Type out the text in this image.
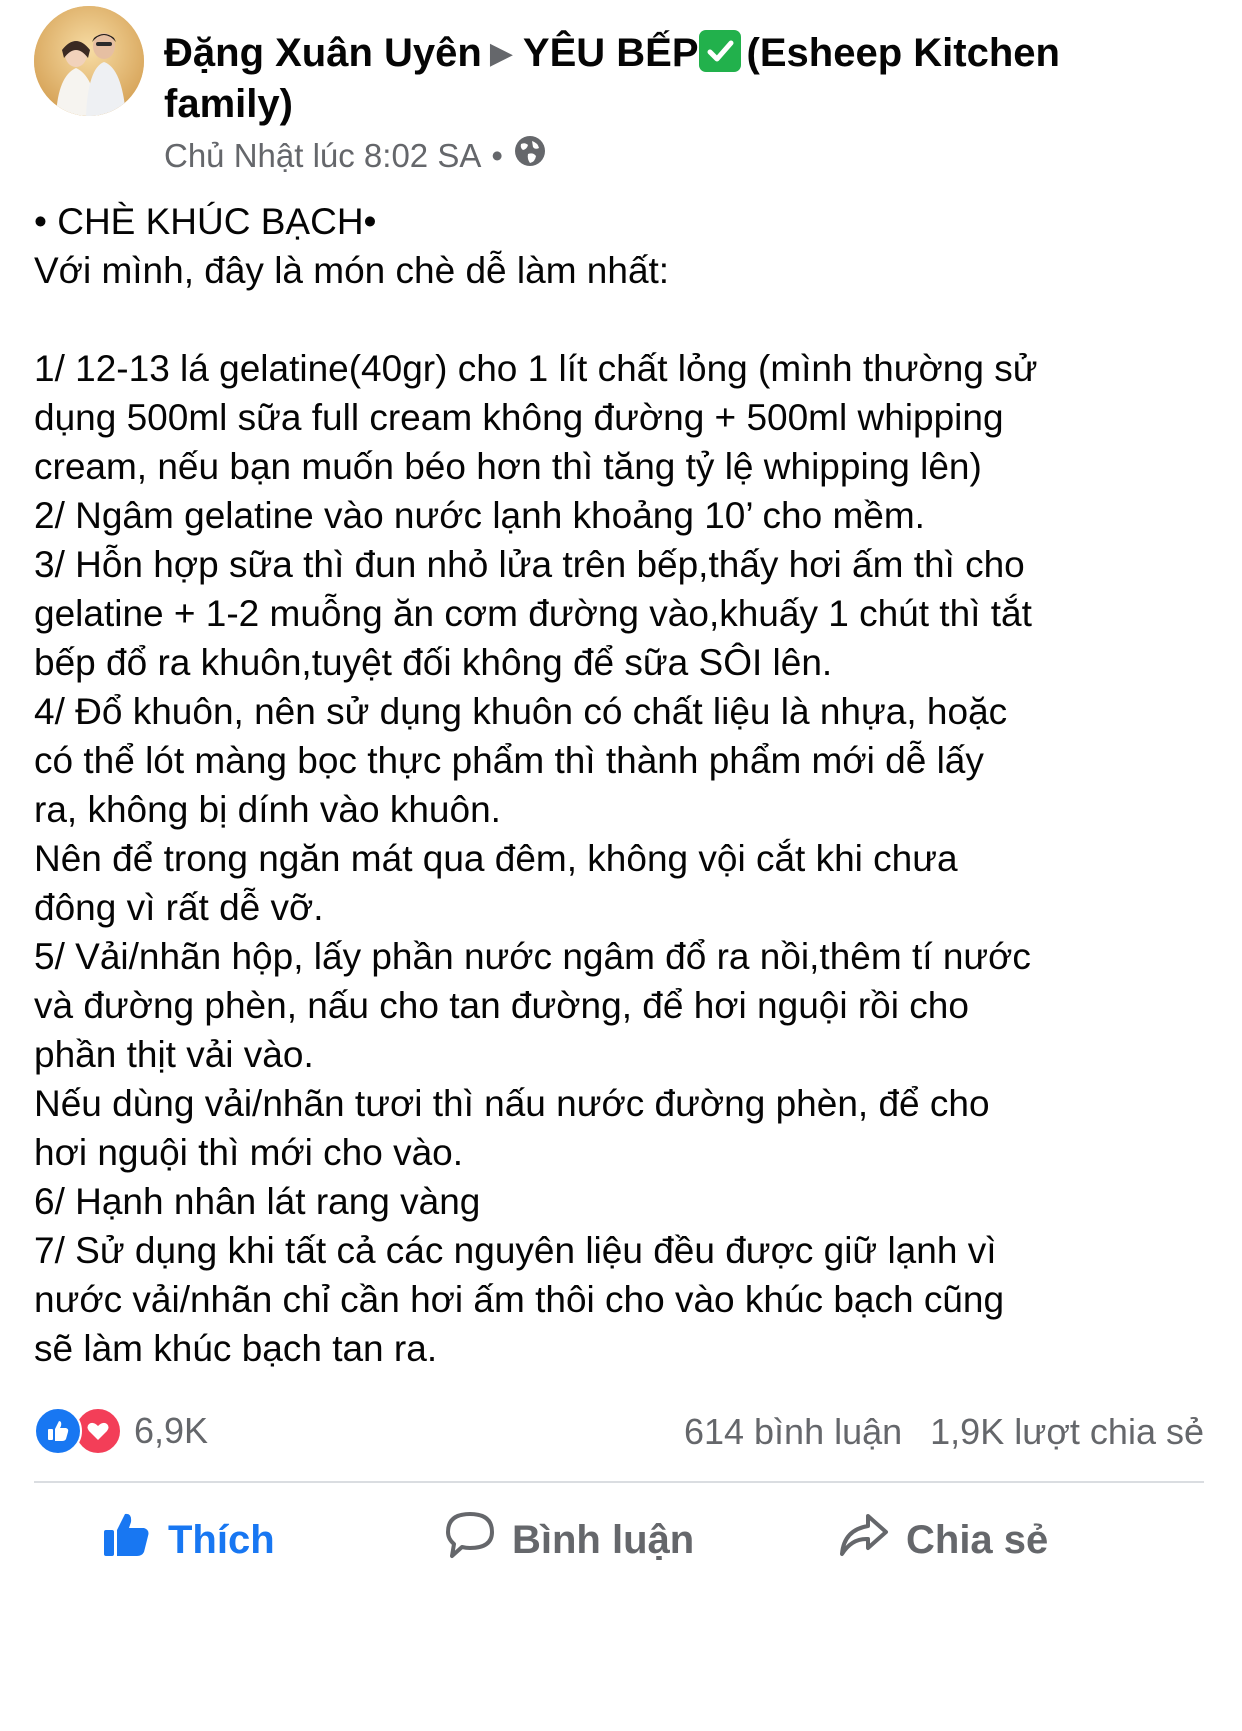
Đặng Xuân Uyên ▶ YÊU BẾP (Esheep Kitchen
family)
Chủ Nhật lúc 8:02 SA •
• CHÈ KHÚC BẠCH•
Với mình, đây là món chè dễ làm nhất:
1/ 12-13 lá gelatine(40gr) cho 1 lít chất lỏng (mình thường sử
dụng 500ml sữa full cream không đường + 500ml whipping
cream, nếu bạn muốn béo hơn thì tăng tỷ lệ whipping lên)
2/ Ngâm gelatine vào nước lạnh khoảng 10’ cho mềm.
3/ Hỗn hợp sữa thì đun nhỏ lửa trên bếp,thấy hơi ấm thì cho
gelatine + 1-2 muỗng ăn cơm đường vào,khuấy 1 chút thì tắt
bếp đổ ra khuôn,tuyệt đối không để sữa SÔI lên.
4/ Đổ khuôn, nên sử dụng khuôn có chất liệu là nhựa, hoặc
có thể lót màng bọc thực phẩm thì thành phẩm mới dễ lấy
ra, không bị dính vào khuôn.
Nên để trong ngăn mát qua đêm, không vội cắt khi chưa
đông vì rất dễ vỡ.
5/ Vải/nhãn hộp, lấy phần nước ngâm đổ ra nồi,thêm tí nước
và đường phèn, nấu cho tan đường, để hơi nguội rồi cho
phần thịt vải vào.
Nếu dùng vải/nhãn tươi thì nấu nước đường phèn, để cho
hơi nguội thì mới cho vào.
6/ Hạnh nhân lát rang vàng
7/ Sử dụng khi tất cả các nguyên liệu đều được giữ lạnh vì
nước vải/nhãn chỉ cần hơi ấm thôi cho vào khúc bạch cũng
sẽ làm khúc bạch tan ra.
6,9K	614 bình luận 1,9K lượt chia sẻ
Thích	Bình luận	Chia sẻ
